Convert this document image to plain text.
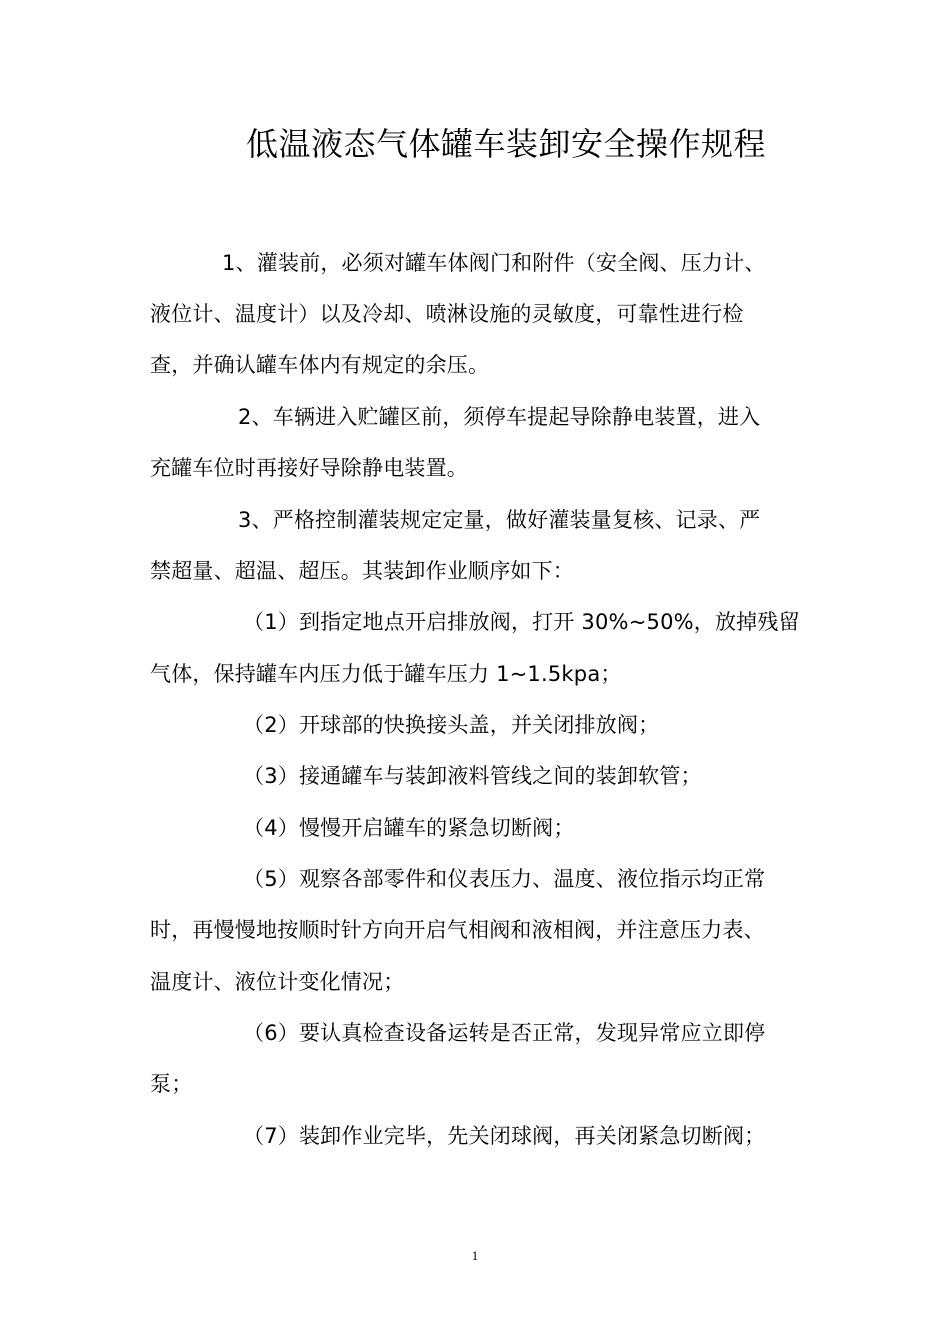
低温液态气体罐车装卸安全操作规程
1、灌装前，必须对罐车体阀门和附件（安全阀、压力计、
液位计、温度计）以及冷却、喷淋设施的灵敏度，可靠性进行检
查，并确认罐车体内有规定的余压。
2、车辆进入贮罐区前，须停车提起导除静电装置，进入
充罐车位时再接好导除静电装置。
3、严格控制灌装规定定量，做好灌装量复核、记录、严
禁超量、超温、超压。其装卸作业顺序如下：
（1）到指定地点开启排放阀，打开 30%~50%，放掉残留
气体，保持罐车内压力低于罐车压力 1~1.5kpa；
（2）开球部的快换接头盖，并关闭排放阀；
（3）接通罐车与装卸液料管线之间的装卸软管；
（4）慢慢开启罐车的紧急切断阀；
（5）观察各部零件和仪表压力、温度、液位指示均正常
时，再慢慢地按顺时针方向开启气相阀和液相阀，并注意压力表、
温度计、液位计变化情况；
（6）要认真检查设备运转是否正常，发现异常应立即停
泵；
（7）装卸作业完毕，先关闭球阀，再关闭紧急切断阀；
1
